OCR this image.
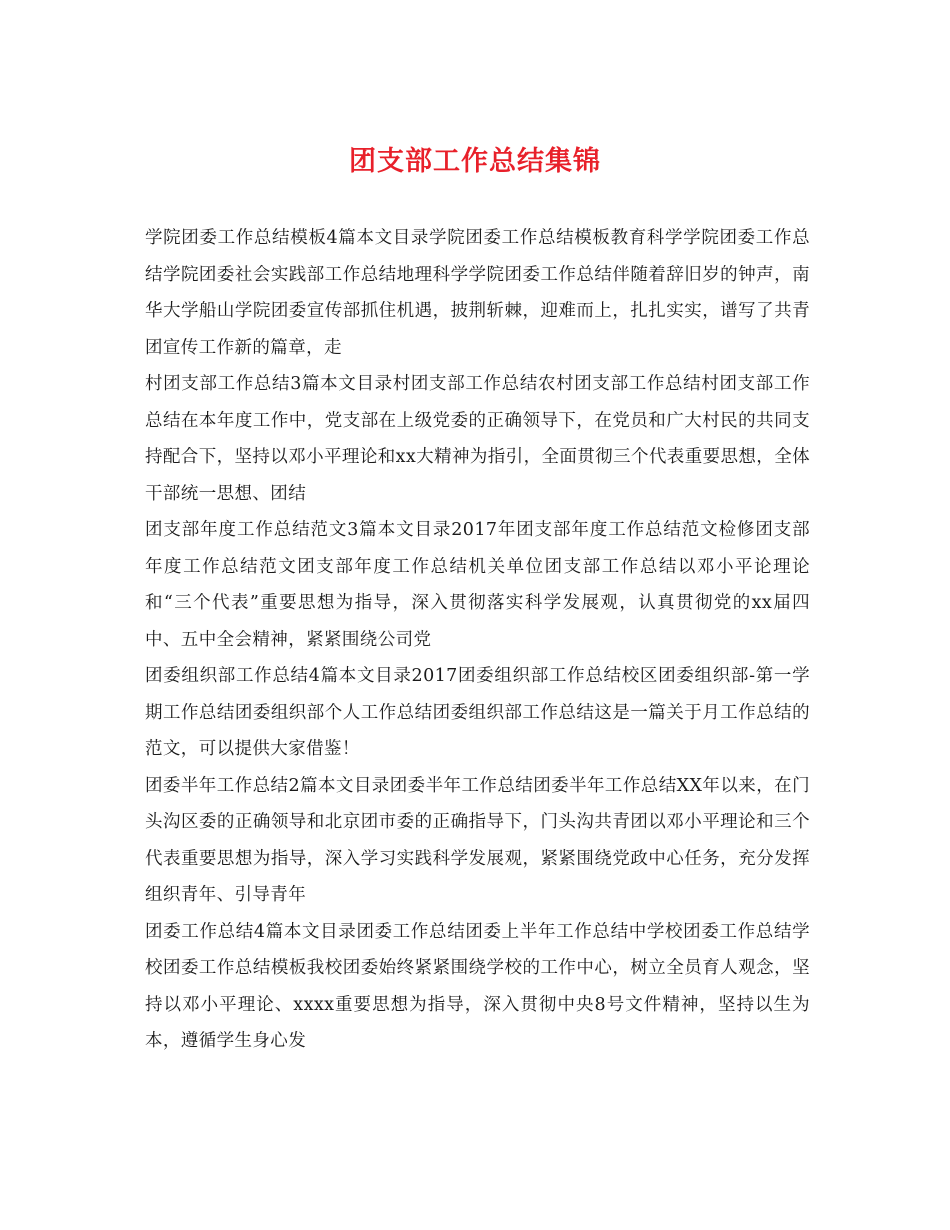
团支部工作总结集锦

学院团委工作总结模板4篇本文目录学院团委工作总结模板教育科学学院团委工作总结学院团委社会实践部工作总结地理科学学院团委工作总结伴随着辞旧岁的钟声，南华大学船山学院团委宣传部抓住机遇，披荆斩棘，迎难而上，扎扎实实，谱写了共青团宣传工作新的篇章，走

村团支部工作总结3篇本文目录村团支部工作总结农村团支部工作总结村团支部工作总结在本年度工作中，党支部在上级党委的正确领导下，在党员和广大村民的共同支持配合下，坚持以邓小平理论和xx大精神为指引，全面贯彻三个代表重要思想，全体干部统一思想、团结

团支部年度工作总结范文3篇本文目录2017年团支部年度工作总结范文检修团支部年度工作总结范文团支部年度工作总结机关单位团支部工作总结以邓小平论理论和“三个代表”重要思想为指导，深入贯彻落实科学发展观，认真贯彻党的xx届四中、五中全会精神，紧紧围绕公司党

团委组织部工作总结4篇本文目录2017团委组织部工作总结校区团委组织部-第一学期工作总结团委组织部个人工作总结团委组织部工作总结这是一篇关于月工作总结的范文，可以提供大家借鉴！

团委半年工作总结2篇本文目录团委半年工作总结团委半年工作总结XX年以来，在门头沟区委的正确领导和北京团市委的正确指导下，门头沟共青团以邓小平理论和三个代表重要思想为指导，深入学习实践科学发展观，紧紧围绕党政中心任务，充分发挥组织青年、引导青年

团委工作总结4篇本文目录团委工作总结团委上半年工作总结中学校团委工作总结学校团委工作总结模板我校团委始终紧紧围绕学校的工作中心，树立全员育人观念，坚持以邓小平理论、xxxx重要思想为指导，深入贯彻中央8号文件精神，坚持以生为本，遵循学生身心发
